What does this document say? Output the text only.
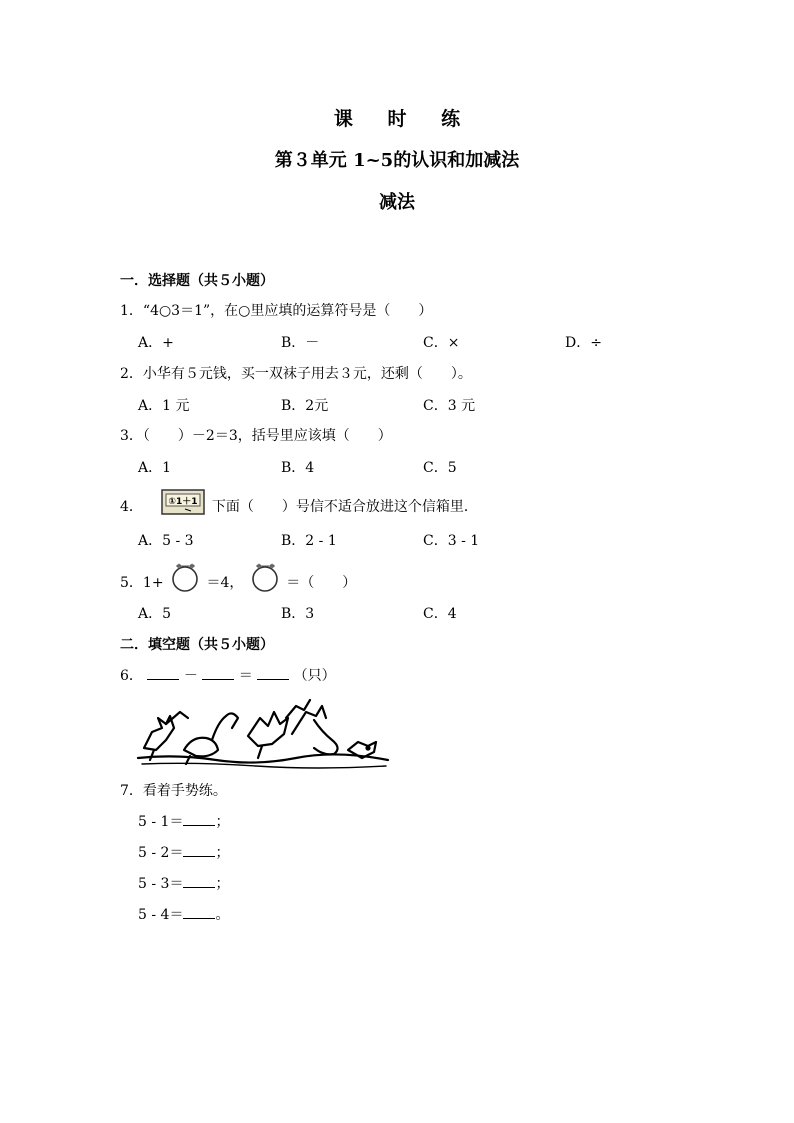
课 时 练
第３单元 1~5的认识和加减法
减法
一．选择题（共５小题）
1．“4○3＝1”，在○里应填的运算符号是（　　）
A．+	B．－	C．×	D．÷
2．小华有５元钱，买一双袜子用去３元，还剩（　　）。
A．1 元	B．2元	C．3 元
3．（　　）－2＝3，括号里应该填（　　）
A．1	B．4	C．5
4．	①1＋1 下面（　　）号信不适合放进这个信箱里．
A．5 - 3	B．2 - 1	C．3 - 1
5．1+	＝4，	＝（　　）
A．5	B．3	C．4
二．填空题（共５小题）
6．	－	＝	（只）
7．看着手势练。
5 - 1＝ ；
5 - 2＝ ；
5 - 3＝ ；
5 - 4＝ 。
